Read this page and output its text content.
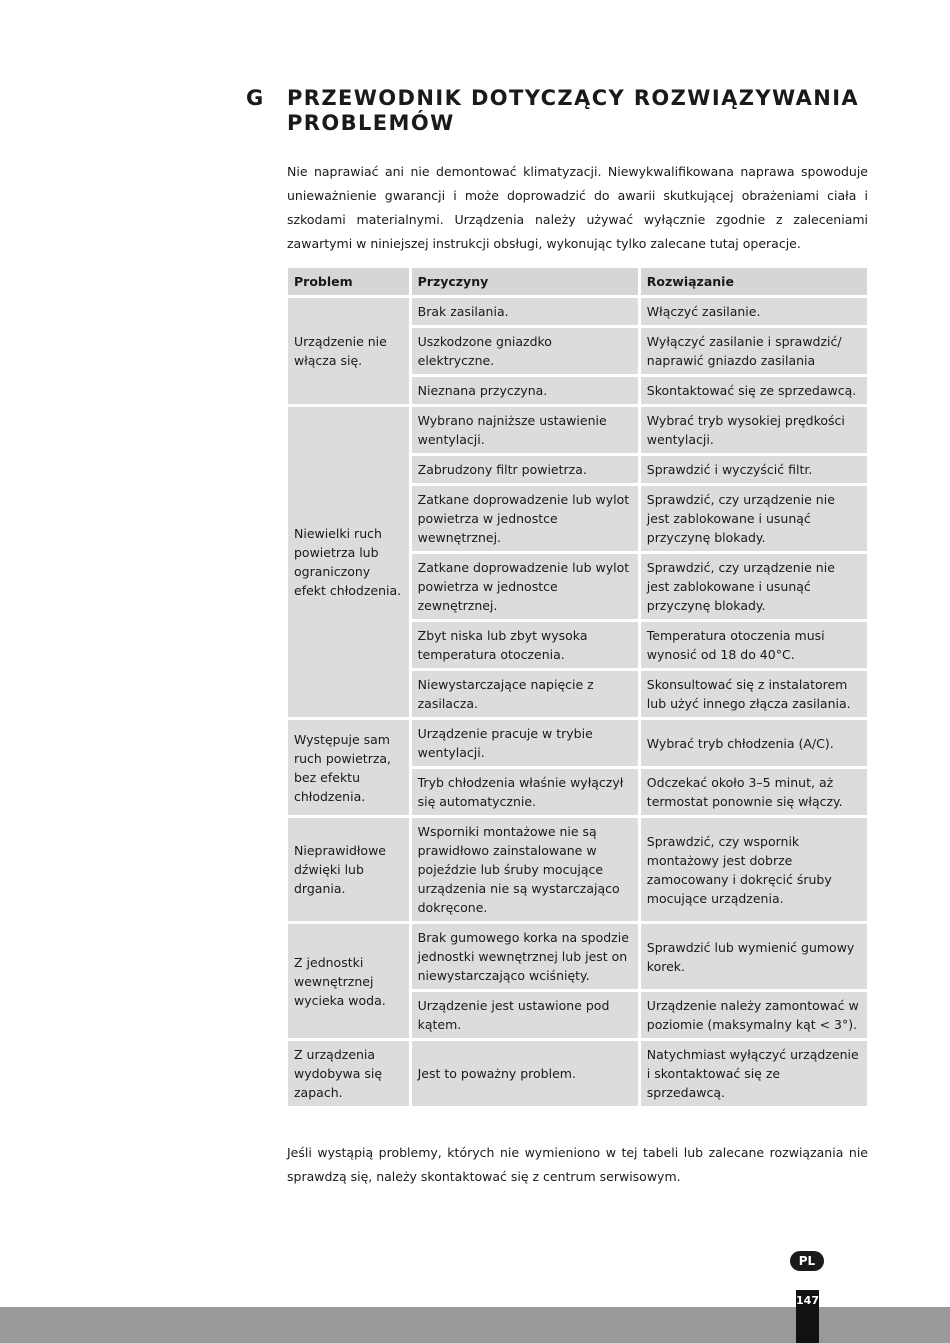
G PRZEWODNIK DOTYCZĄCY ROZWIĄZYWANIA PROBLEMÓW

Nie naprawiać ani nie demontować klimatyzacji. Niewykwalifikowana naprawa spowoduje unieważnienie gwarancji i może doprowadzić do awarii skutkującej obrażeniami ciała i szkodami materialnymi. Urządzenia należy używać wyłącznie zgodnie z zaleceniami zawartymi w niniejszej instrukcji obsługi, wykonując tylko zalecane tutaj operacje.

Problem	Przyczyny	Rozwiązanie
Urządzenie nie włącza się.	Brak zasilania.	Włączyć zasilanie.
	Uszkodzone gniazdko elektryczne.	Wyłączyć zasilanie i sprawdzić/ naprawić gniazdo zasilania
	Nieznana przyczyna.	Skontaktować się ze sprzedawcą.
Niewielki ruch powietrza lub ograniczony efekt chłodzenia.	Wybrano najniższe ustawienie wentylacji.	Wybrać tryb wysokiej prędkości wentylacji.
	Zabrudzony filtr powietrza.	Sprawdzić i wyczyścić filtr.
	Zatkane doprowadzenie lub wylot powietrza w jednostce wewnętrznej.	Sprawdzić, czy urządzenie nie jest zablokowane i usunąć przyczynę blokady.
	Zatkane doprowadzenie lub wylot powietrza w jednostce zewnętrznej.	Sprawdzić, czy urządzenie nie jest zablokowane i usunąć przyczynę blokady.
	Zbyt niska lub zbyt wysoka temperatura otoczenia.	Temperatura otoczenia musi wynosić od 18 do 40°C.
	Niewystarczające napięcie z zasilacza.	Skonsultować się z instalatorem lub użyć innego złącza zasilania.
Występuje sam ruch powietrza, bez efektu chłodzenia.	Urządzenie pracuje w trybie wentylacji.	Wybrać tryb chłodzenia (A/C).
	Tryb chłodzenia właśnie wyłączył się automatycznie.	Odczekać około 3–5 minut, aż termostat ponownie się włączy.
Nieprawidłowe dźwięki lub drgania.	Wsporniki montażowe nie są prawidłowo zainstalowane w pojeździe lub śruby mocujące urządzenia nie są wystarczająco dokręcone.	Sprawdzić, czy wspornik montażowy jest dobrze zamocowany i dokręcić śruby mocujące urządzenia.
Z jednostki wewnętrznej wycieka woda.	Brak gumowego korka na spodzie jednostki wewnętrznej lub jest on niewystarczająco wciśnięty.	Sprawdzić lub wymienić gumowy korek.
	Urządzenie jest ustawione pod kątem.	Urządzenie należy zamontować w poziomie (maksymalny kąt < 3°).
Z urządzenia wydobywa się zapach.	Jest to poważny problem.	Natychmiast wyłączyć urządzenie i skontaktować się ze sprzedawcą.

Jeśli wystąpią problemy, których nie wymieniono w tej tabeli lub zalecane rozwiązania nie sprawdzą się, należy skontaktować się z centrum serwisowym.

PL
147
